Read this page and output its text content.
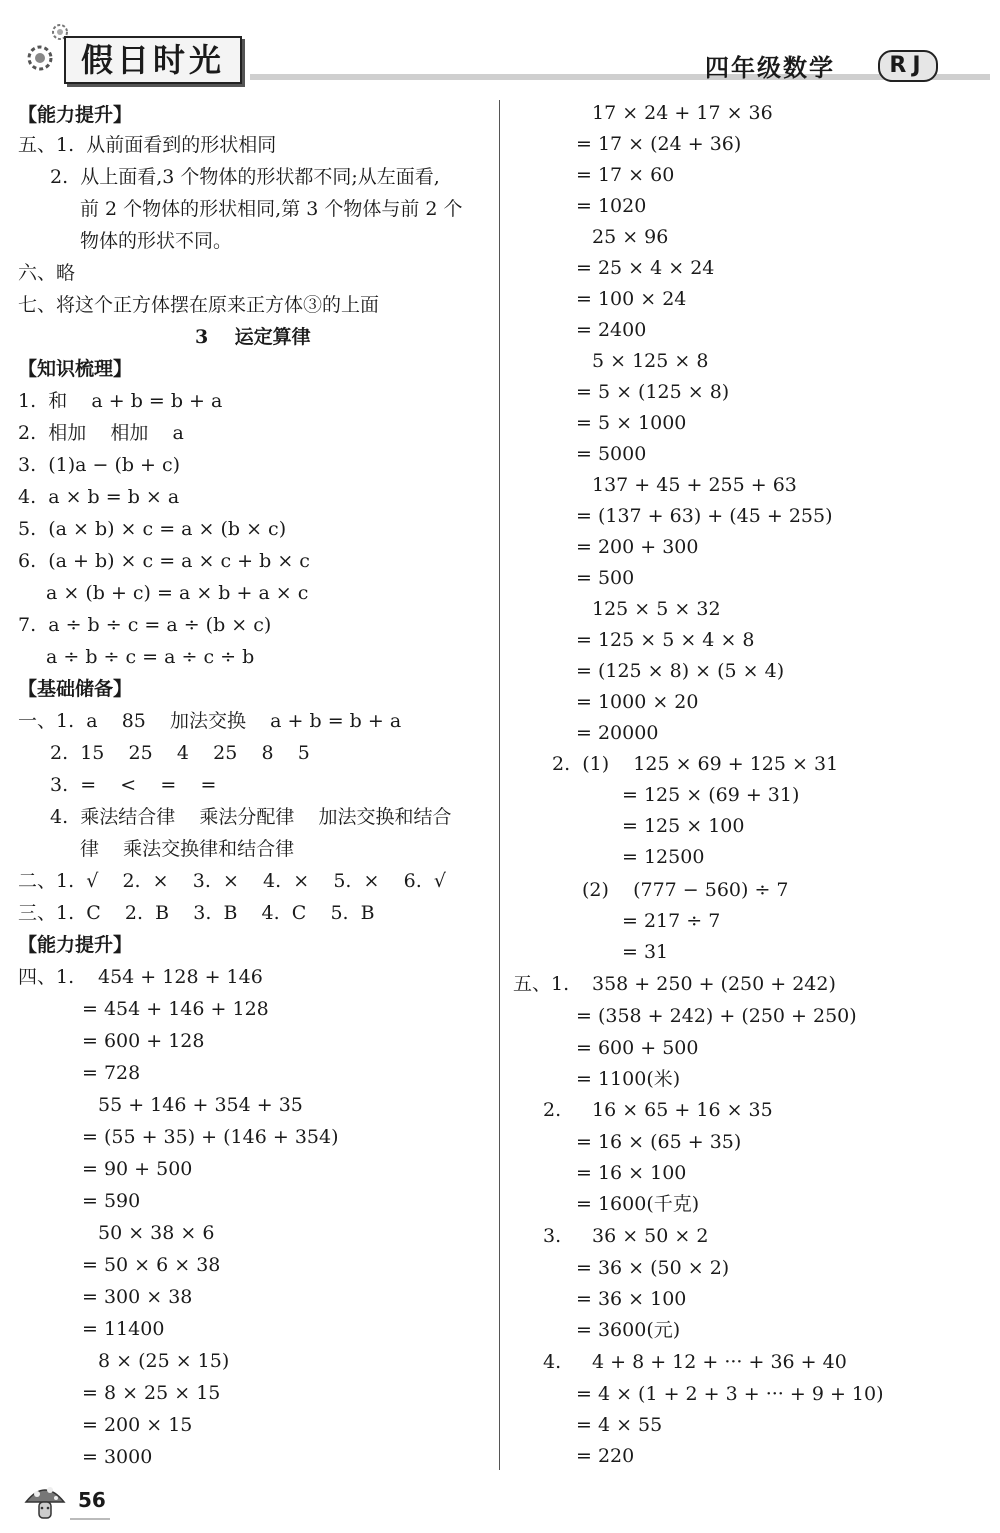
假日时光	四年级数学	RJ
【能力提升】
五、1.  从前面看到的形状相同
2.  从上面看,3 个物体的形状都不同;从左面看,
前 2 个物体的形状相同,第 3 个物体与前 2 个
物体的形状不同。
六、略
七、将这个正方体摆在原来正方体③的上面
3    运定算律
【知识梳理】
1.  和    a + b = b + a
2.  相加    相加    a
3.  (1)a − (b + c)
4.  a × b = b × a
5.  (a × b) × c = a × (b × c)
6.  (a + b) × c = a × c + b × c
a × (b + c) = a × b + a × c
7.  a ÷ b ÷ c = a ÷ (b × c)
a ÷ b ÷ c = a ÷ c ÷ b
【基础储备】
一、1.  a    85    加法交换    a + b = b + a
2.  15    25    4    25    8    5
3.  =    <    =    =
4.  乘法结合律    乘法分配律    加法交换和结合
律    乘法交换律和结合律
二、1.  √    2.  ×    3.  ×    4.  ×    5.  ×    6.  √
三、1.  C    2.  B    3.  B    4.  C    5.  B
【能力提升】
四、1. 454 + 128 + 146
= 454 + 146 + 128
= 600 + 128
= 728
55 + 146 + 354 + 35
= (55 + 35) + (146 + 354)
= 90 + 500
= 590
50 × 38 × 6
= 50 × 6 × 38
= 300 × 38
= 11400
8 × (25 × 15)
= 8 × 25 × 15
= 200 × 15
= 3000
17 × 24 + 17 × 36
= 17 × (24 + 36)
= 17 × 60
= 1020
25 × 96
= 25 × 4 × 24
= 100 × 24
= 2400
5 × 125 × 8
= 5 × (125 × 8)
= 5 × 1000
= 5000
137 + 45 + 255 + 63
= (137 + 63) + (45 + 255)
= 200 + 300
= 500
125 × 5 × 32
= 125 × 5 × 4 × 8
= (125 × 8) × (5 × 4)
= 1000 × 20
= 20000
2.  (1)    125 × 69 + 125 × 31
= 125 × (69 + 31)
= 125 × 100
= 12500
(2)    (777 − 560) ÷ 7
= 217 ÷ 7
= 31
五、1. 358 + 250 + (250 + 242)
= (358 + 242) + (250 + 250)
= 600 + 500
= 1100(米)
2. 16 × 65 + 16 × 35
= 16 × (65 + 35)
= 16 × 100
= 1600(千克)
3. 36 × 50 × 2
= 36 × (50 × 2)
= 36 × 100
= 3600(元)
4. 4 + 8 + 12 + ··· + 36 + 40
= 4 × (1 + 2 + 3 + ··· + 9 + 10)
= 4 × 55
= 220
56
